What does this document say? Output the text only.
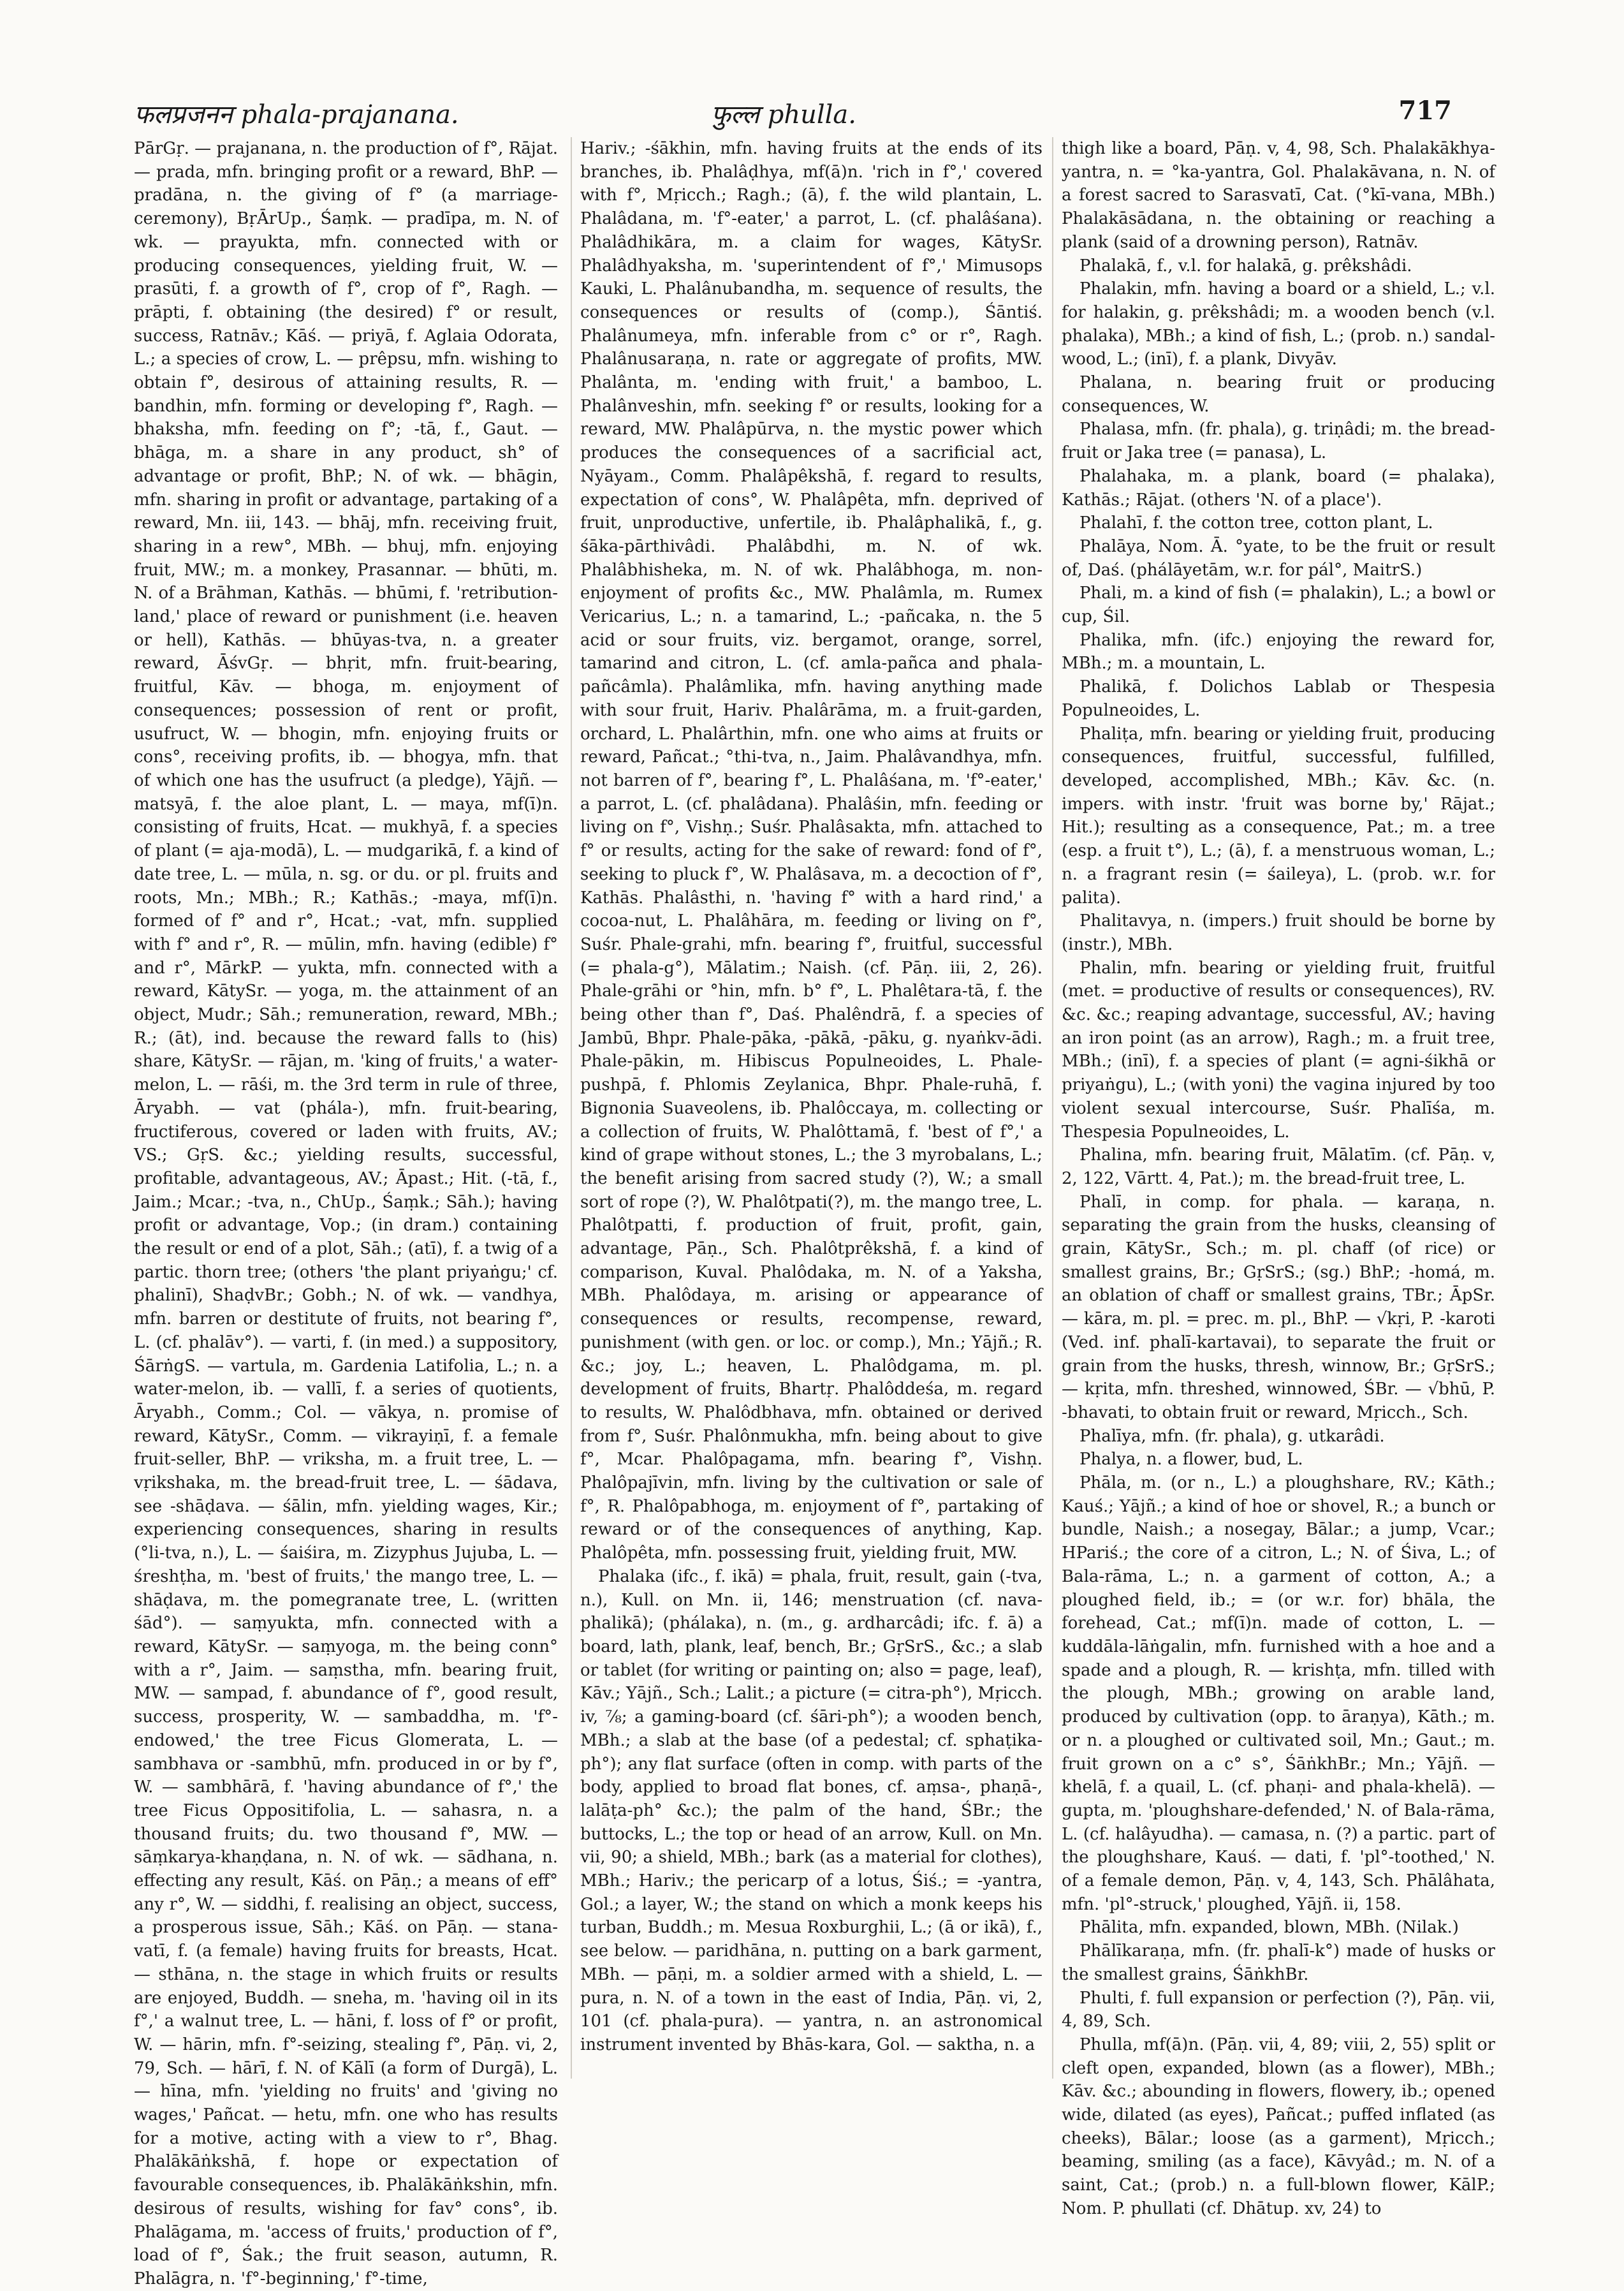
फलप्रजनन phala-prajanana.	फुल्ल phulla.	717

PārGṛ. — prajanana, n. the production of f°, Rājat. — prada, mfn. bringing profit or a reward, BhP. — pradāna, n. the giving of f° (a marriage-ceremony), BṛĀrUp., Śaṃk. — pradīpa, m. N. of wk. — prayukta, mfn. connected with or producing consequences, yielding fruit, W. — prasūti, f. a growth of f°, crop of f°, Ragh. — prāpti, f. obtaining (the desired) f° or result, success, Ratnāv.; Kāś. — priyā, f. Aglaia Odorata, L.; a species of crow, L. — prêpsu, mfn. wishing to obtain f°, desirous of attaining results, R. — bandhin, mfn. forming or developing f°, Ragh. — bhaksha, mfn. feeding on f°; -tā, f., Gaut. — bhāga, m. a share in any product, sh° of advantage or profit, BhP.; N. of wk. — bhāgin, mfn. sharing in profit or advantage, partaking of a reward, Mn. iii, 143. — bhāj, mfn. receiving fruit, sharing in a rew°, MBh. — bhuj, mfn. enjoying fruit, MW.; m. a monkey, Prasannar. — bhūti, m. N. of a Brāhman, Kathās. — bhūmi, f. 'retribution-land,' place of reward or punishment (i.e. heaven or hell), Kathās. — bhūyas-tva, n. a greater reward, ĀśvGṛ. — bhṛit, mfn. fruit-bearing, fruitful, Kāv. — bhoga, m. enjoyment of consequences; possession of rent or profit, usufruct, W. — bhogin, mfn. enjoying fruits or cons°, receiving profits, ib. — bhogya, mfn. that of which one has the usufruct (a pledge), Yājñ. — matsyā, f. the aloe plant, L. — maya, mf(ī)n. consisting of fruits, Hcat. — mukhyā, f. a species of plant (= aja-modā), L. — mudgarikā, f. a kind of date tree, L. — mūla, n. sg. or du. or pl. fruits and roots, Mn.; MBh.; R.; Kathās.; -maya, mf(ī)n. formed of f° and r°, Hcat.; -vat, mfn. supplied with f° and r°, R. — mūlin, mfn. having (edible) f° and r°, MārkP. — yukta, mfn. connected with a reward, KātySr. — yoga, m. the attainment of an object, Mudr.; Sāh.; remuneration, reward, MBh.; R.; (āt), ind. because the reward falls to (his) share, KātySr. — rājan, m. 'king of fruits,' a water-melon, L. — rāśi, m. the 3rd term in rule of three, Āryabh. — vat (phála-), mfn. fruit-bearing, fructiferous, covered or laden with fruits, AV.; VS.; GṛS. &c.; yielding results, successful, profitable, advantageous, AV.; Āpast.; Hit. (-tā, f., Jaim.; Mcar.; -tva, n., ChUp., Śaṃk.; Sāh.); having profit or advantage, Vop.; (in dram.) containing the result or end of a plot, Sāh.; (atī), f. a twig of a partic. thorn tree; (others 'the plant priyaṅgu;' cf. phalinī), ShaḍvBr.; Gobh.; N. of wk. — vandhya, mfn. barren or destitute of fruits, not bearing f°, L. (cf. phalāv°). — varti, f. (in med.) a suppository, ŚārṅgS. — vartula, m. Gardenia Latifolia, L.; n. a water-melon, ib. — vallī, f. a series of quotients, Āryabh., Comm.; Col. — vākya, n. promise of reward, KātySr., Comm. — vikrayiṇī, f. a female fruit-seller, BhP. — vriksha, m. a fruit tree, L. — vṛikshaka, m. the bread-fruit tree, L. — śādava, see -shāḍava. — śālin, mfn. yielding wages, Kir.; experiencing consequences, sharing in results (°li-tva, n.), L. — śaiśira, m. Zizyphus Jujuba, L. — śreshṭha, m. 'best of fruits,' the mango tree, L. — shāḍava, m. the pomegranate tree, L. (written śād°). — saṃyukta, mfn. connected with a reward, KātySr. — saṃyoga, m. the being conn° with a r°, Jaim. — saṃstha, mfn. bearing fruit, MW. — sampad, f. abundance of f°, good result, success, prosperity, W. — sambaddha, m. 'f°-endowed,' the tree Ficus Glomerata, L. — sambhava or -sambhū, mfn. produced in or by f°, W. — sambhārā, f. 'having abundance of f°,' the tree Ficus Oppositifolia, L. — sahasra, n. a thousand fruits; du. two thousand f°, MW. — sāṃkarya-khaṇḍana, n. N. of wk. — sādhana, n. effecting any result, Kāś. on Pāṇ.; a means of eff° any r°, W. — siddhi, f. realising an object, success, a prosperous issue, Sāh.; Kāś. on Pāṇ. — stana-vatī, f. (a female) having fruits for breasts, Hcat. — sthāna, n. the stage in which fruits or results are enjoyed, Buddh. — sneha, m. 'having oil in its f°,' a walnut tree, L. — hāni, f. loss of f° or profit, W. — hārin, mfn. f°-seizing, stealing f°, Pāṇ. vi, 2, 79, Sch. — hārī, f. N. of Kālī (a form of Durgā), L. — hīna, mfn. 'yielding no fruits' and 'giving no wages,' Pañcat. — hetu, mfn. one who has results for a motive, acting with a view to r°, Bhag. Phalākāṅkshā, f. hope or expectation of favourable consequences, ib. Phalākāṅkshin, mfn. desirous of results, wishing for fav° cons°, ib. Phalāgama, m. 'access of fruits,' production of f°, load of f°, Śak.; the fruit season, autumn, R. Phalāgra, n. 'f°-beginning,' f°-time,

Hariv.; -śākhin, mfn. having fruits at the ends of its branches, ib. Phalâḍhya, mf(ā)n. 'rich in f°,' covered with f°, Mṛicch.; Ragh.; (ā), f. the wild plantain, L. Phalâdana, m. 'f°-eater,' a parrot, L. (cf. phalâśana). Phalâdhikāra, m. a claim for wages, KātySr. Phalâdhyaksha, m. 'superintendent of f°,' Mimusops Kauki, L. Phalânubandha, m. sequence of results, the consequences or results of (comp.), Śāntiś. Phalânumeya, mfn. inferable from c° or r°, Ragh. Phalânusaraṇa, n. rate or aggregate of profits, MW. Phalânta, m. 'ending with fruit,' a bamboo, L. Phalânveshin, mfn. seeking f° or results, looking for a reward, MW. Phalâpūrva, n. the mystic power which produces the consequences of a sacrificial act, Nyāyam., Comm. Phalâpêkshā, f. regard to results, expectation of cons°, W. Phalâpêta, mfn. deprived of fruit, unproductive, unfertile, ib. Phalâphalikā, f., g. śāka-pārthivâdi. Phalâbdhi, m. N. of wk. Phalâbhisheka, m. N. of wk. Phalâbhoga, m. non-enjoyment of profits &c., MW. Phalâmla, m. Rumex Vericarius, L.; n. a tamarind, L.; -pañcaka, n. the 5 acid or sour fruits, viz. bergamot, orange, sorrel, tamarind and citron, L. (cf. amla-pañca and phala-pañcâmla). Phalâmlika, mfn. having anything made with sour fruit, Hariv. Phalârāma, m. a fruit-garden, orchard, L. Phalârthin, mfn. one who aims at fruits or reward, Pañcat.; °thi-tva, n., Jaim. Phalâvandhya, mfn. not barren of f°, bearing f°, L. Phalâśana, m. 'f°-eater,' a parrot, L. (cf. phalâdana). Phalâśin, mfn. feeding or living on f°, Vishṇ.; Suśr. Phalâsakta, mfn. attached to f° or results, acting for the sake of reward: fond of f°, seeking to pluck f°, W. Phalâsava, m. a decoction of f°, Kathās. Phalâsthi, n. 'having f° with a hard rind,' a cocoa-nut, L. Phalâhāra, m. feeding or living on f°, Suśr. Phale-grahi, mfn. bearing f°, fruitful, successful (= phala-g°), Mālatim.; Naish. (cf. Pāṇ. iii, 2, 26). Phale-grāhi or °hin, mfn. b° f°, L. Phalêtara-tā, f. the being other than f°, Daś. Phalêndrā, f. a species of Jambū, Bhpr. Phale-pāka, -pākā, -pāku, g. nyaṅkv-ādi. Phale-pākin, m. Hibiscus Populneoides, L. Phale-pushpā, f. Phlomis Zeylanica, Bhpr. Phale-ruhā, f. Bignonia Suaveolens, ib. Phalôccaya, m. collecting or a collection of fruits, W. Phalôttamā, f. 'best of f°,' a kind of grape without stones, L.; the 3 myrobalans, L.; the benefit arising from sacred study (?), W.; a small sort of rope (?), W. Phalôtpati(?), m. the mango tree, L. Phalôtpatti, f. production of fruit, profit, gain, advantage, Pāṇ., Sch. Phalôtprêkshā, f. a kind of comparison, Kuval. Phalôdaka, m. N. of a Yaksha, MBh. Phalôdaya, m. arising or appearance of consequences or results, recompense, reward, punishment (with gen. or loc. or comp.), Mn.; Yājñ.; R. &c.; joy, L.; heaven, L. Phalôdgama, m. pl. development of fruits, Bhartṛ. Phalôddeśa, m. regard to results, W. Phalôdbhava, mfn. obtained or derived from f°, Suśr. Phalônmukha, mfn. being about to give f°, Mcar. Phalôpagama, mfn. bearing f°, Vishṇ. Phalôpajīvin, mfn. living by the cultivation or sale of f°, R. Phalôpabhoga, m. enjoyment of f°, partaking of reward or of the consequences of anything, Kap. Phalôpêta, mfn. possessing fruit, yielding fruit, MW.

Phalaka (ifc., f. ikā) = phala, fruit, result, gain (-tva, n.), Kull. on Mn. ii, 146; menstruation (cf. nava-phalikā); (phálaka), n. (m., g. ardharcâdi; ifc. f. ā) a board, lath, plank, leaf, bench, Br.; GṛSrS., &c.; a slab or tablet (for writing or painting on; also = page, leaf), Kāv.; Yājñ., Sch.; Lalit.; a picture (= citra-ph°), Mṛicch. iv, ⅞; a gaming-board (cf. śāri-ph°); a wooden bench, MBh.; a slab at the base (of a pedestal; cf. sphaṭika-ph°); any flat surface (often in comp. with parts of the body, applied to broad flat bones, cf. aṃsa-, phaṇā-, lalāṭa-ph° &c.); the palm of the hand, ŚBr.; the buttocks, L.; the top or head of an arrow, Kull. on Mn. vii, 90; a shield, MBh.; bark (as a material for clothes), MBh.; Hariv.; the pericarp of a lotus, Śiś.; = -yantra, Gol.; a layer, W.; the stand on which a monk keeps his turban, Buddh.; m. Mesua Roxburghii, L.; (ā or ikā), f., see below. — paridhāna, n. putting on a bark garment, MBh. — pāṇi, m. a soldier armed with a shield, L. — pura, n. N. of a town in the east of India, Pāṇ. vi, 2, 101 (cf. phala-pura). — yantra, n. an astronomical instrument invented by Bhās-kara, Gol. — saktha, n. a

thigh like a board, Pāṇ. v, 4, 98, Sch. Phalakākhya-yantra, n. = °ka-yantra, Gol. Phalakāvana, n. N. of a forest sacred to Sarasvatī, Cat. (°kī-vana, MBh.) Phalakāsādana, n. the obtaining or reaching a plank (said of a drowning person), Ratnāv.

Phalakā, f., v.l. for halakā, g. prêkshâdi.

Phalakin, mfn. having a board or a shield, L.; v.l. for halakin, g. prêkshâdi; m. a wooden bench (v.l. phalaka), MBh.; a kind of fish, L.; (prob. n.) sandal-wood, L.; (inī), f. a plank, Divyāv.

Phalana, n. bearing fruit or producing consequences, W.

Phalasa, mfn. (fr. phala), g. triṇâdi; m. the bread-fruit or Jaka tree (= panasa), L.

Phalahaka, m. a plank, board (= phalaka), Kathās.; Rājat. (others 'N. of a place').

Phalahī, f. the cotton tree, cotton plant, L.

Phalāya, Nom. Ā. °yate, to be the fruit or result of, Daś. (phálāyetām, w.r. for pál°, MaitrS.)

Phali, m. a kind of fish (= phalakin), L.; a bowl or cup, Śil.

Phalika, mfn. (ifc.) enjoying the reward for, MBh.; m. a mountain, L.

Phalikā, f. Dolichos Lablab or Thespesia Populneoides, L.

Phaliṭa, mfn. bearing or yielding fruit, producing consequences, fruitful, successful, fulfilled, developed, accomplished, MBh.; Kāv. &c. (n. impers. with instr. 'fruit was borne by,' Rājat.; Hit.); resulting as a consequence, Pat.; m. a tree (esp. a fruit t°), L.; (ā), f. a menstruous woman, L.; n. a fragrant resin (= śaileya), L. (prob. w.r. for palita).

Phalitavya, n. (impers.) fruit should be borne by (instr.), MBh.

Phalin, mfn. bearing or yielding fruit, fruitful (met. = productive of results or consequences), RV. &c. &c.; reaping advantage, successful, AV.; having an iron point (as an arrow), Ragh.; m. a fruit tree, MBh.; (inī), f. a species of plant (= agni-śikhā or priyaṅgu), L.; (with yoni) the vagina injured by too violent sexual intercourse, Suśr. Phalīśa, m. Thespesia Populneoides, L.

Phalina, mfn. bearing fruit, Mālatīm. (cf. Pāṇ. v, 2, 122, Vārtt. 4, Pat.); m. the bread-fruit tree, L.

Phalī, in comp. for phala. — karaṇa, n. separating the grain from the husks, cleansing of grain, KātySr., Sch.; m. pl. chaff (of rice) or smallest grains, Br.; GṛSrS.; (sg.) BhP.; -homá, m. an oblation of chaff or smallest grains, TBr.; ĀpSr. — kāra, m. pl. = prec. m. pl., BhP. — √kṛi, P. -karoti (Ved. inf. phalī-kartavai), to separate the fruit or grain from the husks, thresh, winnow, Br.; GṛSrS.; — kṛita, mfn. threshed, winnowed, ŚBr. — √bhū, P. -bhavati, to obtain fruit or reward, Mṛicch., Sch.

Phalīya, mfn. (fr. phala), g. utkarâdi.

Phalya, n. a flower, bud, L.

Phāla, m. (or n., L.) a ploughshare, RV.; Kāth.; Kauś.; Yājñ.; a kind of hoe or shovel, R.; a bunch or bundle, Naish.; a nosegay, Bālar.; a jump, Vcar.; HPariś.; the core of a citron, L.; N. of Śiva, L.; of Bala-rāma, L.; n. a garment of cotton, A.; a ploughed field, ib.; = (or w.r. for) bhāla, the forehead, Cat.; mf(ī)n. made of cotton, L. — kuddāla-lāṅgalin, mfn. furnished with a hoe and a spade and a plough, R. — krishṭa, mfn. tilled with the plough, MBh.; growing on arable land, produced by cultivation (opp. to āraṇya), Kāth.; m. or n. a ploughed or cultivated soil, Mn.; Gaut.; m. fruit grown on a c° s°, ŚāṅkhBr.; Mn.; Yājñ. — khelā, f. a quail, L. (cf. phaṇi- and phala-khelā). — gupta, m. 'ploughshare-defended,' N. of Bala-rāma, L. (cf. halâyudha). — camasa, n. (?) a partic. part of the ploughshare, Kauś. — dati, f. 'pl°-toothed,' N. of a female demon, Pāṇ. v, 4, 143, Sch. Phālâhata, mfn. 'pl°-struck,' ploughed, Yājñ. ii, 158.

Phālita, mfn. expanded, blown, MBh. (Nilak.)

Phālīkaraṇa, mfn. (fr. phalī-k°) made of husks or the smallest grains, ŚāṅkhBr.

Phulti, f. full expansion or perfection (?), Pāṇ. vii, 4, 89, Sch.

Phulla, mf(ā)n. (Pāṇ. vii, 4, 89; viii, 2, 55) split or cleft open, expanded, blown (as a flower), MBh.; Kāv. &c.; abounding in flowers, flowery, ib.; opened wide, dilated (as eyes), Pañcat.; puffed inflated (as cheeks), Bālar.; loose (as a garment), Mṛicch.; beaming, smiling (as a face), Kāvyâd.; m. N. of a saint, Cat.; (prob.) n. a full-blown flower, KālP.; Nom. P. phullati (cf. Dhātup. xv, 24) to
